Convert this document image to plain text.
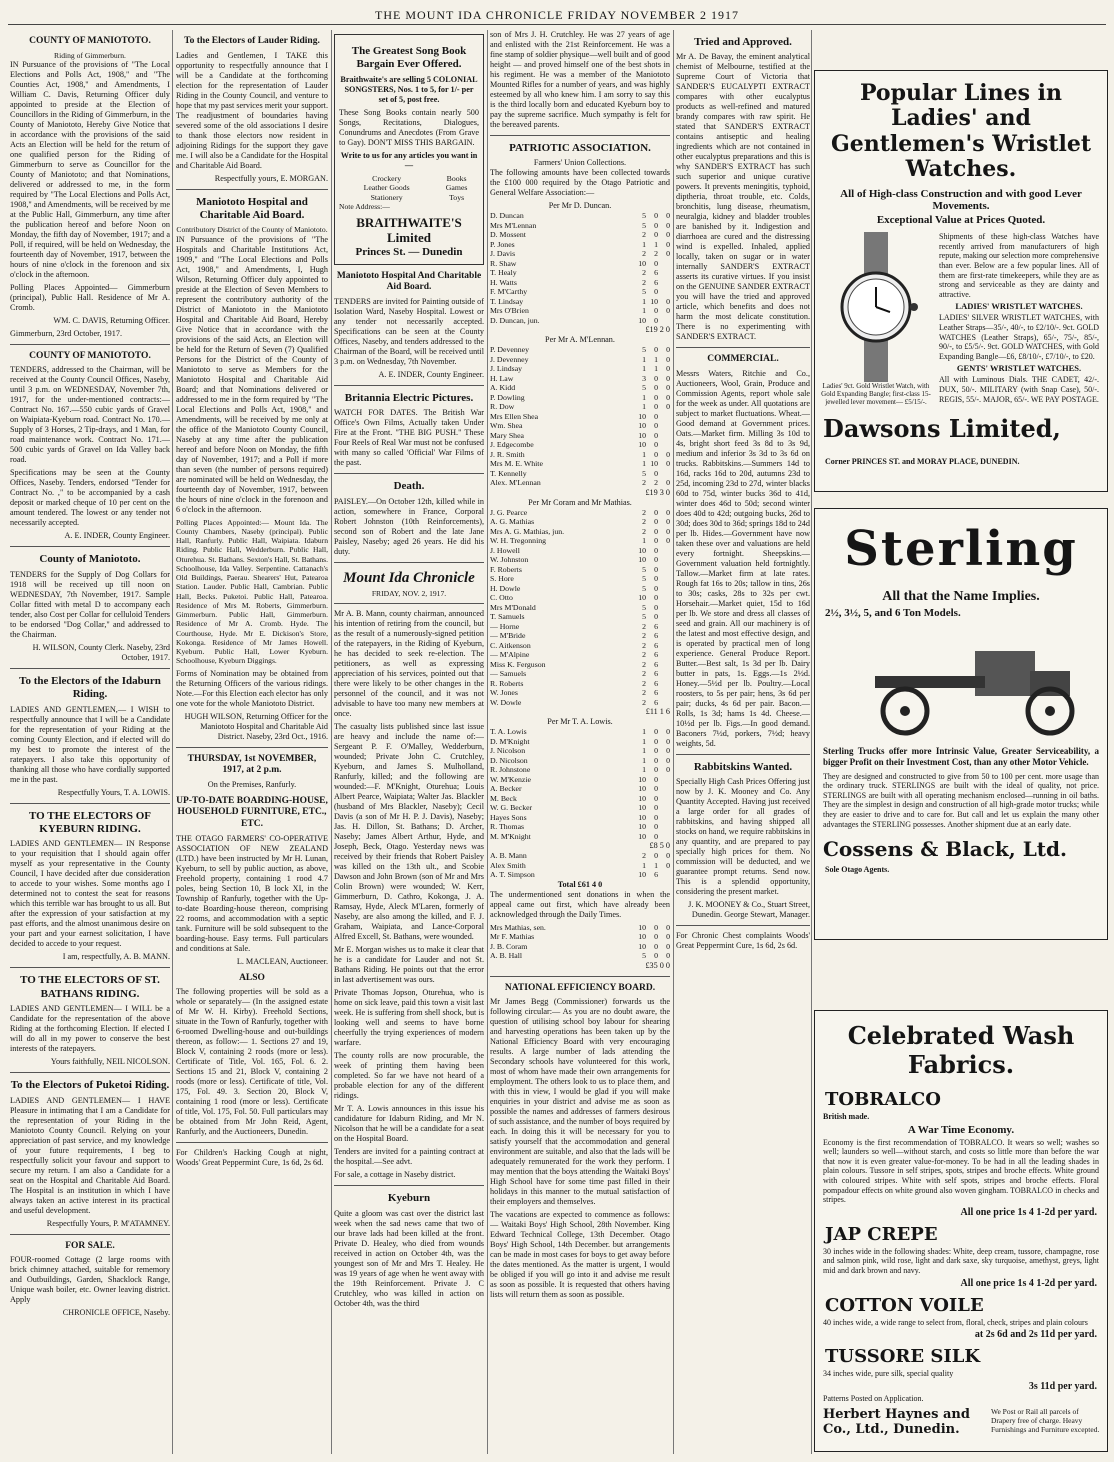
THE MOUNT IDA CHRONICLE FRIDAY NOVEMBER 2 1917
COUNTY OF MANIOTOTO.
Riding of Gimmerburn.

IN Pursuance of the provisions of "The Local Elections and Polls Act, 1908," and "The Counties Act, 1908," and Amendments, I William C. Davis, Returning Officer duly appointed to preside at the Election of Councillors in the Riding of Gimmerburn, in the County of Maniototo, Hereby Give Notice that in accordance with the provisions of the said Acts an Election will be held for the return of one qualified person for the Riding of Gimmerburn to serve as Councillor for the County of Maniototo; and that Nominations, delivered or addressed to me, in the form required by "The Local Elections and Polls Act, 1908," and Amendments, will be received by me at the Public Hall, Gimmerburn, any time after the publication hereof and before Noon on Monday, the fifth day of November, 1917; and a Poll, if required, will be held on Wednesday, the fourteenth day of November, 1917, between the hours of nine o'clock in the forenoon and six o'clock in the afternoon.

Polling Places Appointed— Gimmerburn (principal), Public Hall. Residence of Mr A. Cromb.

WM. C. DAVIS, Returning Officer.

Gimmerburn, 23rd October, 1917.

COUNTY OF MANIOTOTO.

TENDERS, addressed to the Chairman, will be received at the County Council Offices, Naseby, until 3 p.m. on WEDNESDAY, November 7th, 1917, for the under-mentioned contracts:— Contract No. 167.—550 cubic yards of Gravel on Waipiata-Kyeburn road. Contract No. 170.—Supply of 3 Horses, 2 Tip-drays, and 1 Man, for road maintenance work. Contract No. 171.—500 cubic yards of Gravel on Ida Valley back road.

Specifications may be seen at the County Offices, Naseby. Tenders, endorsed "Tender for Contract No. ," to be accompanied by a cash deposit or marked cheque of 10 per cent on the amount tendered. The lowest or any tender not necessarily accepted.

A. E. INDER, County Engineer.

County of Maniototo.

TENDERS for the Supply of Dog Collars for 1918 will be received up till noon on WEDNESDAY, 7th November, 1917. Sample Collar fitted with metal D to accompany each tender, also Cost per Collar for celluloid Tenders to be endorsed "Dog Collar," and addressed to the Chairman.

H. WILSON, County Clerk. Naseby, 23rd October, 1917.

To the Electors of the Idaburn Riding.

LADIES AND GENTLEMEN,— I WISH to respectfully announce that I will be a Candidate for the representation of your Riding at the coming County Election, and if elected will do my best to promote the interest of the ratepayers. I also take this opportunity of thanking all those who have cordially supported me in the past.

Respectfully Yours, T. A. LOWIS.

TO THE ELECTORS OF KYEBURN RIDING.

LADIES AND GENTLEMEN— IN Response to your requisition that I should again offer myself as your representative in the County Council, I have decided after due consideration to accede to your wishes. Some months ago I determined not to contest the seat for reasons which this terrible war has brought to us all. But after the expression of your satisfaction at my past efforts, and the almost unanimous desire on your part and your earnest solicitation, I have decided to accede to your request.

I am, respectfully, A. B. MANN.

TO THE ELECTORS OF ST. BATHANS RIDING.

LADIES AND GENTLEMEN— I WILL be a Candidate for the representation of the above Riding at the forthcoming Election. If elected I will do all in my power to conserve the best interests of the ratepayers.

Yours faithfully, NEIL NICOLSON.

To the Electors of Puketoi Riding.

LADIES AND GENTLEMEN— I HAVE Pleasure in intimating that I am a Candidate for the representation of your Riding in the Maniototo County Council. Relying on your appreciation of past service, and my knowledge of your future requirements, I beg to respectfully solicit your favour and support to secure my return. I am also a Candidate for a seat on the Hospital and Charitable Aid Board. The Hospital is an institution in which I have always taken an active interest in its practical and useful development.

Respectfully Yours, P. M'ATAMNEY.

FOR SALE.

FOUR-roomed Cottage (2 large rooms with brick chimney attached, suitable for rememory and Outbuildings, Garden, Shacklock Range, Unique wash boiler, etc. Owner leaving district. Apply

CHRONICLE OFFICE, Naseby.

To the Electors of Lauder Riding.

Ladies and Gentlemen, I TAKE this opportunity to respectfully announce that I will be a Candidate at the forthcoming election for the representation of Lauder Riding in the County Council, and venture to hope that my past services merit your support. The readjustment of boundaries having severed some of the old associations I desire to thank those electors now resident in adjoining Ridings for the support they gave me. I will also be a Candidate for the Hospital and Charitable Aid Board.

Respectfully yours, E. MORGAN.

Maniototo Hospital and Charitable Aid Board.
Contributory District of the County of Maniototo.

IN Pursuance of the provisions of "The Hospitals and Charitable Institutions Act, 1909," and "The Local Elections and Polls Act, 1908," and Amendments, I, Hugh Wilson, Returning Officer duly appointed to preside at the Election of Seven Members to represent the contributory authority of the District of Maniototo in the Maniototo Hospital and Charitable Aid Board, Hereby Give Notice that in accordance with the provisions of the said Acts, an Election will be held for the Return of Seven (7) Qualified Persons for the District of the County of Maniototo to serve as Members for the Maniototo Hospital and Charitable Aid Board; and that Nominations delivered or addressed to me in the form required by "The Local Elections and Polls Act, 1908," and Amendments, will be received by me only at the office of the Maniototo County Council, Naseby at any time after the publication hereof and before Noon on Monday, the fifth day of November, 1917; and a Poll if more than seven (the number of persons required) are nominated will be held on Wednesday, the fourteenth day of November, 1917, between the hours of nine o'clock in the forenoon and 6 o'clock in the afternoon.

Polling Places Appointed:— Mount Ida. The County Chambers, Naseby (principal). Public Hall, Ranfurly. Public Hall, Waipiata. Idaburn Riding. Public Hall, Wedderburn. Public Hall, Oturehua. St. Bathans. Sexton's Hall, St. Bathans. Schoolhouse, Ida Valley. Serpentine. Cattanach's Old Buildings, Paerau. Shearers' Hut, Patearoa Station. Lauder. Public Hall, Cambrian. Public Hall, Becks. Puketoi. Public Hall, Patearoa. Residence of Mrs M. Roberts, Gimmerburn. Gimmerburn. Public Hall, Gimmerburn. Residence of Mr A. Cromb. Hyde. The Courthouse, Hyde. Mr E. Dickison's Store, Kokonga. Residence of Mr James Howell. Kyeburn. Public Hall, Lower Kyeburn. Schoolhouse, Kyeburn Diggings.

Forms of Nomination may be obtained from the Returning Officers of the various ridings. Note.—For this Election each elector has only one vote for the whole Maniototo District.

HUGH WILSON, Returning Officer for the Maniototo Hospital and Charitable Aid District. Naseby, 23rd Oct., 1916.

THURSDAY, 1st NOVEMBER, 1917, at 2 p.m.
On the Premises, Ranfurly.
UP-TO-DATE BOARDING-HOUSE, HOUSEHOLD FURNITURE, ETC., ETC.

THE OTAGO FARMERS' CO-OPERATIVE ASSOCIATION OF NEW ZEALAND (LTD.) have been instructed by Mr H. Lunan, Kyeburn, to sell by public auction, as above, Freehold property, containing 1 rood 4.7 poles, being Section 10, B lock XI, in the Township of Ranfurly, together with the Up-to-date Boarding-house thereon, comprising 22 rooms, and accommodation with a septic tank. Furniture will be sold subsequent to the boarding-house. Easy terms. Full particulars and conditions at Sale.

L. MACLEAN, Auctioneer.

ALSO

The following properties will be sold as a whole or separately— (In the assigned estate of Mr W. H. Kirby). Freehold Sections, situate in the Town of Ranfurly, together with 6-roomed Dwelling-house and out-buildings thereon, as follow:— 1. Sections 27 and 19, Block V, containing 2 roods (more or less). Certificate of Title, Vol. 165, Fol. 6. 2. Sections 15 and 21, Block V, containing 2 roods (more or less). Certificate of title, Vol. 175, Fol. 49. 3. Section 20, Block V, containing 1 rood (more or less). Certificate of title, Vol. 175, Fol. 50. Full particulars may be obtained from Mr John Reid, Agent, Ranfurly, and the Auctioneers, Dunedin.

For Children's Hacking Cough at night, Woods' Great Peppermint Cure, 1s 6d, 2s 6d.

The Greatest Song Book Bargain Ever Offered.

Braithwaite's are selling 5 COLONIAL SONGSTERS, Nos. 1 to 5, for 1/- per set of 5, post free.

These Song Books contain nearly 500 Songs, Recitations, Dialogues, Conundrums and Anecdotes (From Grave to Gay). DON'T MISS THIS BARGAIN.

Write to us for any articles you want in—

Crockery	Books
Leather Goods	Games
Stationery	Toys

Note Address:—

BRAITHWAITE'S Limited
Princes St. — Dunedin
Maniototo Hospital And Charitable Aid Board.

TENDERS are invited for Painting outside of Isolation Ward, Naseby Hospital. Lowest or any tender not necessarily accepted. Specifications can be seen at the County Offices, Naseby, and tenders addressed to the Chairman of the Board, will be received until 3 p.m. on Wednesday, 7th November.

A. E. INDER, County Engineer.

Britannia Electric Pictures.

WATCH FOR DATES. The British War Office's Own Films, Actually taken Under Fire at the Front. "THE BIG PUSH." These Four Reels of Real War must not be confused with many so called 'Official' War Films of the past.

Death.

PAISLEY.—On October 12th, killed while in action, somewhere in France, Corporal Robert Johnston (10th Reinforcements), second son of Robert and the late Jane Paisley, Naseby; aged 26 years. He did his duty.

Mount Ida Chronicle
FRIDAY, NOV. 2, 1917.

Mr A. B. Mann, county chairman, announced his intention of retiring from the council, but as the result of a numerously-signed petition of the ratepayers, in the Riding of Kyeburn, he has decided to seek re-election. The petitioners, as well as expressing appreciation of his services, pointed out that there were likely to be other changes in the personnel of the council, and it was not advisable to have too many new members at once.

The casualty lists published since last issue are heavy and include the name of:—Sergeant P. F. O'Malley, Wedderburn, wounded; Private John C. Crutchley, Kyeburn, and James S. Mulholland, Ranfurly, killed; and the following are wounded:—F. M'Knight, Oturehua; Louis Albert Pearce, Waipiata; Walter Jas. Blackler (husband of Mrs Blackler, Naseby); Cecil Davis (a son of Mr H. P. J. Davis), Naseby; Jas. H. Dillon, St. Bathans; D. Archer, Naseby; James Albert Arthur, Hyde, and Joseph, Beck, Otago. Yesterday news was received by their friends that Robert Paisley was killed on the 13th ult., and Scobie Dawson and John Brown (son of Mr and Mrs Colin Brown) were wounded; W. Kerr, Gimmerburn, D. Cathro, Kokonga, J. A. Ramsay, Hyde, Aleck M'Laren, formerly of Naseby, are also among the killed, and F. J. Graham, Waipiata, and Lance-Corporal Alfred Excell, St. Bathans, were wounded.

Mr E. Morgan wishes us to make it clear that he is a candidate for Lauder and not St. Bathans Riding. He points out that the error in last advertisement was ours.

Private Thomas Jopson, Oturehua, who is home on sick leave, paid this town a visit last week. He is suffering from shell shock, but is looking well and seems to have borne cheerfully the trying experiences of modern warfare.

The county rolls are now procurable, the week of printing them having been completed. So far we have not heard of a probable election for any of the different ridings.

Mr T. A. Lowis announces in this issue his candidature for Idaburn Riding, and Mr N. Nicolson that he will be a candidate for a seat on the Hospital Board.

Tenders are invited for a painting contract at the hospital.—See advt.

For sale, a cottage in Naseby district.

Kyeburn

Quite a gloom was cast over the district last week when the sad news came that two of our brave lads had been killed at the front. Private D. Healey, who died from wounds received in action on October 4th, was the youngest son of Mr and Mrs T. Healey. He was 19 years of age when he went away with the 19th Reinforcement. Private J. C Crutchley, who was killed in action on October 4th, was the third

son of Mrs J. H. Crutchley. He was 27 years of age and enlisted with the 21st Reinforcement. He was a fine stamp of soldier physique—well built and of good height — and proved himself one of the best shots in his regiment. He was a member of the Maniototo Mounted Rifles for a number of years, and was highly esteemed by all who knew him. I am sorry to say this is the third locally born and educated Kyeburn boy to pay the supreme sacrifice. Much sympathy is felt for the bereaved parents.

PATRIOTIC ASSOCIATION.
Farmers' Union Collections.

The following amounts have been collected towards the £100 000 required by the Otago Patriotic and General Welfare Association:—

Per Mr D. Duncan.
D. Duncan	5	0	0
Mrs M'Lennan	5	0	0
D. Mossent	2	0	0
P. Jones	1	1	0
J. Davis	2	2	0
R. Shaw	10	0	
T. Healy	2	6	
H. Watts	2	6	
F. M'Carthy	5	0	
T. Lindsay	1	10	0
Mrs O'Brien	1	0	0
D. Duncan, jun.	10	0	
£19 2 0
Per Mr A. M'Lennan.
P. Devenney	5	0	0
J. Devenney	1	1	0
J. Lindsay	1	1	0
H. Law	3	0	0
A. Kidd	5	0	0
P. Dowling	1	0	0
R. Dow	1	0	0
Mrs Ellen Shea	10	0	
Wm. Shea	10	0	
Mary Shea	10	0	
J. Edgecombe	10	0	
J. R. Smith	1	0	0
Mrs M. E. White	1	10	0
T. Kennelly	5	0	
Alex. M'Lennan	2	2	0
£19 3 0
Per Mr Coram and Mr Mathias.
J. G. Pearce	2	0	0
A. G. Mathias	2	0	0
Mrs A. G. Mathias, jun.	2	0	0
W. H. Tregonning	1	0	0
J. Howell	10	0	
W. Johnston	10	0	
F. Roberts	5	0	
S. Hore	5	0	
H. Dowle	5	0	
C. Otto	10	0	
Mrs M'Donald	5	0	
T. Samuels	5	0	
— Horne	2	6	
— M'Bride	2	6	
C. Aitkenson	2	6	
— M'Alpine	2	6	
Miss K. Ferguson	2	6	
— Samuels	2	6	
R. Roberts	2	6	
W. Jones	2	6	
W. Dowle	2	6	
£11 1 6
Per Mr T. A. Lowis.
T. A. Lowis	1	0	0
D. M'Knight	1	0	0
J. Nicolson	1	0	0
D. Nicolson	1	0	0
R. Johnstone	1	0	0
W. M'Kenzie	10	0	
A. Becker	10	0	
M. Beck	10	0	
W. G. Becker	10	0	
Hayes Sons	10	0	
R. Thomas	10	0	
M. M'Knight	10	0	
£8 5 0
A. B. Mann	2	0	0
Alex Smith	1	1	0
A. T. Simpson	10	6	
Total £61 4 0

The undermentioned sent donations in when the appeal came out first, which have already been acknowledged through the Daily Times.

Mrs Mathias, sen.	10	0	0
Mr F. Mathias	10	0	0
J. B. Coram	10	0	0
A. B. Hall	5	0	0
£35 0 0
NATIONAL EFFICIENCY BOARD.

Mr James Begg (Commissioner) forwards us the following circular:— As you are no doubt aware, the question of utilising school boy labour for shearing and harvesting operations has been taken up by the National Efficiency Board with very encouraging results. A large number of lads attending the Secondary schools have volunteered for this work, most of whom have made their own arrangements for employment. The others look to us to place them, and with this in view, I would be glad if you will make enquiries in your district and advise me as soon as possible the names and addresses of farmers desirous of such assistance, and the number of boys required by each. In doing this it will be necessary for you to satisfy yourself that the accommodation and general environment are suitable, and also that the lads will be adequately remunerated for the work they perform. I may mention that the boys attending the Waitaki Boys' High School have for some time past filled in their holidays in this manner to the mutual satisfaction of their employers and themselves.

The vacations are expected to commence as follows:— Waitaki Boys' High School, 28th November. King Edward Technical College, 13th December. Otago Boys' High School, 14th December. but arrangements can be made in most cases for boys to get away before the dates mentioned. As the matter is urgent, I would be obliged if you will go into it and advise me result as soon as possible. It is requested that others having lists will return them as soon as possible.

Tried and Approved.

Mr A. De Bavay, the eminent analytical chemist of Melbourne, testified at the Supreme Court of Victoria that SANDER'S EUCALYPTI EXTRACT compares with other eucalyptus products as well-refined and matured brandy compares with raw spirit. He stated that SANDER'S EXTRACT contains antiseptic and healing ingredients which are not contained in other eucalyptus preparations and this is why SANDER'S EXTRACT has such such superior and unique curative powers. It prevents meningitis, typhoid, diptheria, throat trouble, etc. Colds, bronchitis, lung disease, rheumatism, neuralgia, kidney and bladder troubles are banished by it. Indigestion and diarrhoea are cured and the distressing wind is expelled. Inhaled, applied locally, taken on sugar or in water internally SANDER'S EXTRACT asserts its curative virtues. If you insist on the GENUINE SANDER EXTRACT you will have the tried and approved article, which benefits and does not harm the most delicate constitution. There is no experimenting with SANDER'S EXTRACT.

COMMERCIAL.

Messrs Waters, Ritchie and Co., Auctioneers, Wool, Grain, Produce and Commission Agents, report whole sale for the week as under. All quotations are subject to market fluctuations. Wheat.—Good demand at Government prices. Oats.—Market firm. Milling 3s 10d to 4s, bright short feed 3s 8d to 3s 9d, medium and inferior 3s 3d to 3s 6d on trucks. Rabbitskins.—Summers 14d to 16d, racks 16d to 20d, autumns 23d to 25d, incoming 23d to 27d, winter blacks 60d to 75d, winter bucks 36d to 41d, winter does 46d to 50d; second winter does 40d to 42d; outgoing bucks, 26d to 30d; does 30d to 36d; springs 18d to 24d per lb. Hides.—Government have now taken these over and valuations are held every fortnight. Sheepskins.—Government valuation held fortnightly. Tallow.—Market firm at late rates. Rough fat 16s to 20s; tallow in tins, 26s to 30s; casks, 28s to 32s per cwt. Horsehair.—Market quiet, 15d to 16d per lb. We store and dress all classes of seed and grain. All our machinery is of the latest and most effective design, and is operated by practical men of long experience. General Produce Report. Butter.—Best salt, 1s 3d per lb. Dairy butter in pats, 1s. Eggs.—1s 2½d. Honey.—5½d per lb. Poultry.—Local roosters, to 5s per pair; hens, 3s 6d per pair; ducks, 4s 6d per pair. Bacon.—Rolls, 1s 3d; hams 1s 4d. Cheese.—10½d per lb. Figs.—In good demand. Baconers 7½d, porkers, 7½d; heavy weights, 5d.

Rabbitskins Wanted.

Specially High Cash Prices Offering just now by J. K. Mooney and Co. Any Quantity Accepted. Having just received a large order for all grades of rabbitskins, and having shipped all stocks on hand, we require rabbitskins in any quantity, and are prepared to pay specially high prices for them. No commission will be deducted, and we guarantee prompt returns. Send now. This is a splendid opportunity, considering the present market.

J. K. MOONEY & Co., Stuart Street, Dunedin. George Stewart, Manager.

For Chronic Chest complaints Woods' Great Peppermint Cure, 1s 6d, 2s 6d.

Popular Lines in Ladies' and Gentlemen's Wristlet Watches.
All of High-class Construction and with good Lever Movements.
Exceptional Value at Prices Quoted.
Ladies' 9ct. Gold Wristlet Watch, with Gold Expanding Bangle; first-class 15-jewelled lever movement— £5/15/-.
Shipments of these high-class Watches have recently arrived from manufacturers of high repute, making our selection more comprehensive than ever. Below are a few popular lines. All of them are first-rate timekeepers, while they are as strong and serviceable as they are dainty and attractive.
LADIES' WRISTLET WATCHES.
LADIES' SILVER WRISTLET WATCHES, with Leather Straps—35/-, 40/-, to £2/10/-. 9ct. GOLD WATCHES (Leather Straps), 65/-, 75/-, 85/-, 90/-, to £5/5/-. 9ct. GOLD WATCHES, with Gold Expanding Bangle—£6, £8/10/-, £7/10/-, to £20.
GENTS' WRISTLET WATCHES.
All with Luminous Dials. THE CADET, 42/-. DUX, 50/-. MILITARY (with Snap Case), 50/-. REGIS, 55/-. MAJOR, 65/-. WE PAY POSTAGE.
Dawsons Limited, Corner PRINCES ST. and MORAY PLACE, DUNEDIN.
Sterling
All that the Name Implies.
2½, 3½, 5, and 6 Ton Models.
Sterling Trucks offer more Intrinsic Value, Greater Serviceability, a bigger Profit on their Investment Cost, than any other Motor Vehicle.
They are designed and constructed to give from 50 to 100 per cent. more usage than the ordinary truck. STERLINGS are built with the ideal of quality, not price. STERLINGS are built with all operating mechanism enclosed—running in oil baths. They are the simplest in design and construction of all high-grade motor trucks; while they are easier to drive and to care for. But call and let us explain the many other advantages the STERLING possesses. Another shipment due at an early date.
Cossens & Black, Ltd. Sole Otago Agents.
Celebrated Wash Fabrics.
TOBRALCO
British made.
A War Time Economy.
Economy is the first recommendation of TOBRALCO. It wears so well; washes so well; launders so well—without starch, and costs so little more than before the war that now it is even greater value-for-money. To be had in all the leading shades in plain colours. Tussore in self stripes, spots, stripes and broche effects. White ground with coloured stripes. White with self spots, stripes and broche effects. Floral pompadour effects on white ground also woven gingham. TOBRALCO in checks and stripes.
All one price 1s 4 1-2d per yard.
JAP CREPE
30 inches wide in the following shades: White, deep cream, tussore, champagne, rose and salmon pink, wild rose, light and dark saxe, sky turquoise, amethyst, greys, light mid and dark brown and navy.
All one price 1s 4 1-2d per yard.
COTTON VOILE
40 inches wide, a wide range to select from, floral, check, stripes and plain colours
at 2s 6d and 2s 11d per yard.
TUSSORE SILK
34 inches wide, pure silk, special quality
3s 11d per yard.
Patterns Posted on Application.
Herbert Haynes and Co., Ltd., Dunedin.
We Post or Rail all parcels of Drapery free of charge. Heavy Furnishings and Furniture excepted.
